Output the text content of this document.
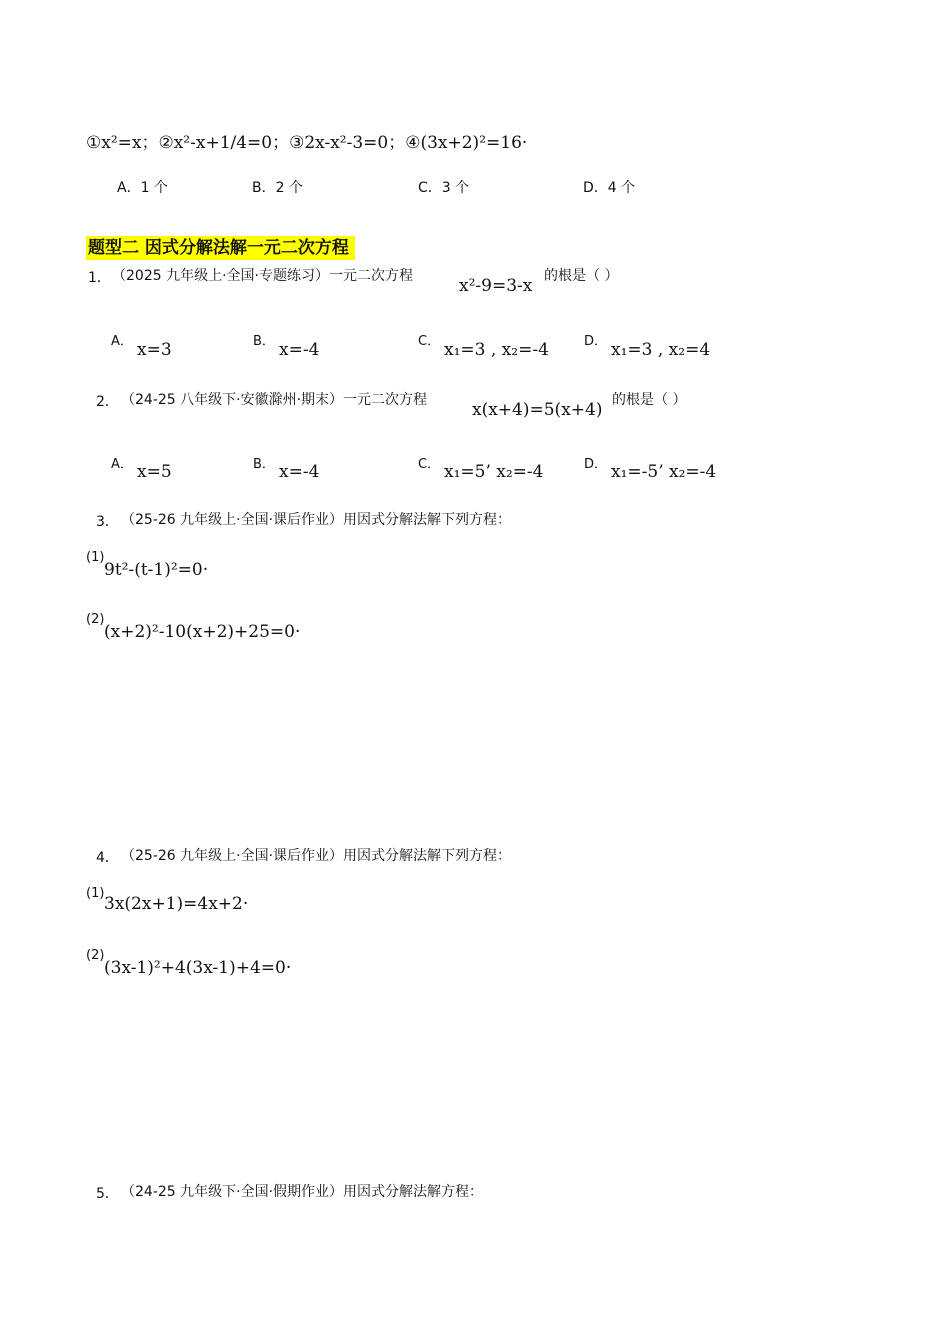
①x²=x；②x²-x+1/4=0；③2x-x²-3=0；④(3x+2)²=16·
A．1 个	B．2 个	C．3 个	D．4 个
题型二 因式分解法解一元二次方程
1． （2025 九年级上·全国·专题练习）一元二次方程	x²-9=3-x 的根是（ ）
A． x=3	B． x=-4	C． x₁=3 , x₂=-4	D． x₁=3 , x₂=4
2． （24-25 八年级下·安徽滁州·期末）一元二次方程	x(x+4)=5(x+4) 的根是（ ）
A． x=5	B． x=-4	C． x₁=5’ x₂=-4	D． x₁=-5’ x₂=-4
3． （25-26 九年级上·全国·课后作业）用因式分解法解下列方程：
(1)
9t²-(t-1)²=0·
(2)
(x+2)²-10(x+2)+25=0·
4． （25-26 九年级上·全国·课后作业）用因式分解法解下列方程：
(1)
3x(2x+1)=4x+2·
(2)
(3x-1)²+4(3x-1)+4=0·
5． （24-25 九年级下·全国·假期作业）用因式分解法解方程：
